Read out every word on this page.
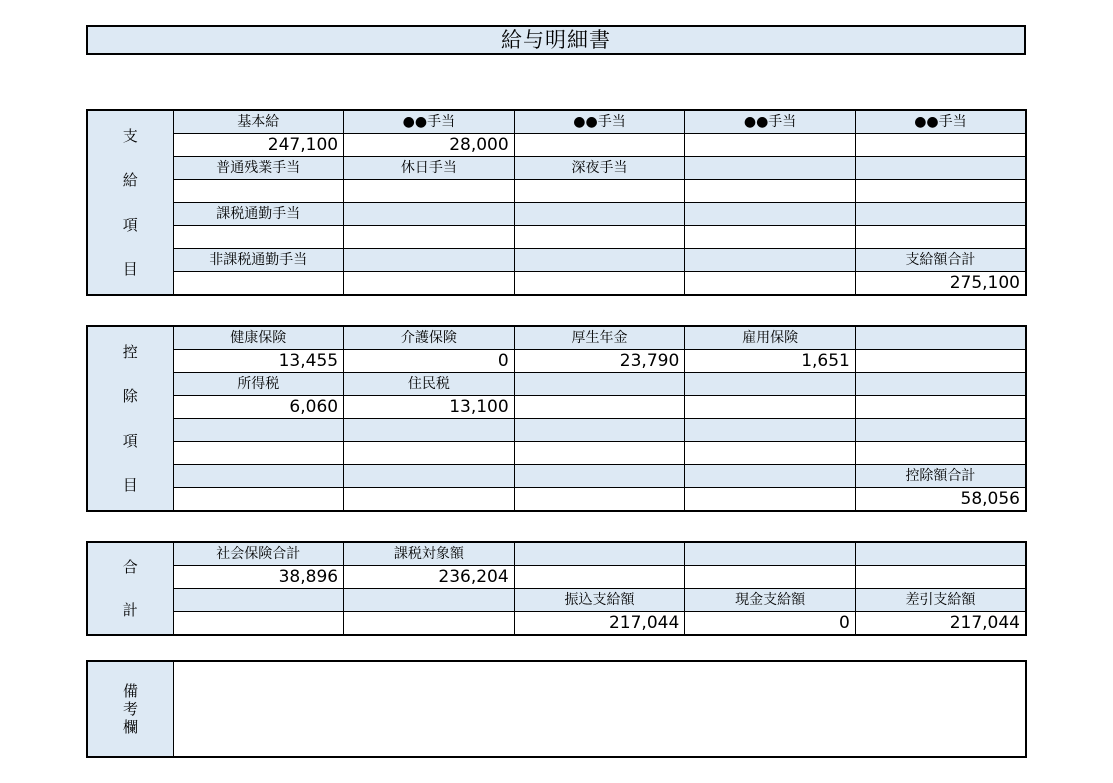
給与明細書
支
給
項
目	基本給	●●手当	●●手当	●●手当	●●手当
	247,100	28,000			
	普通残業手当	休日手当	深夜手当		

	課税通勤手当				

	非課税通勤手当				支給額合計
					275,100
控
除
項
目	健康保険	介護保険	厚生年金	雇用保険	
	13,455	0	23,790	1,651	
	所得税	住民税			
	6,060	13,100			

					控除額合計
					58,056
合
計	社会保険合計	課税対象額			
	38,896	236,204			
			振込支給額	現金支給額	差引支給額
			217,044	0	217,044
備
考
欄
